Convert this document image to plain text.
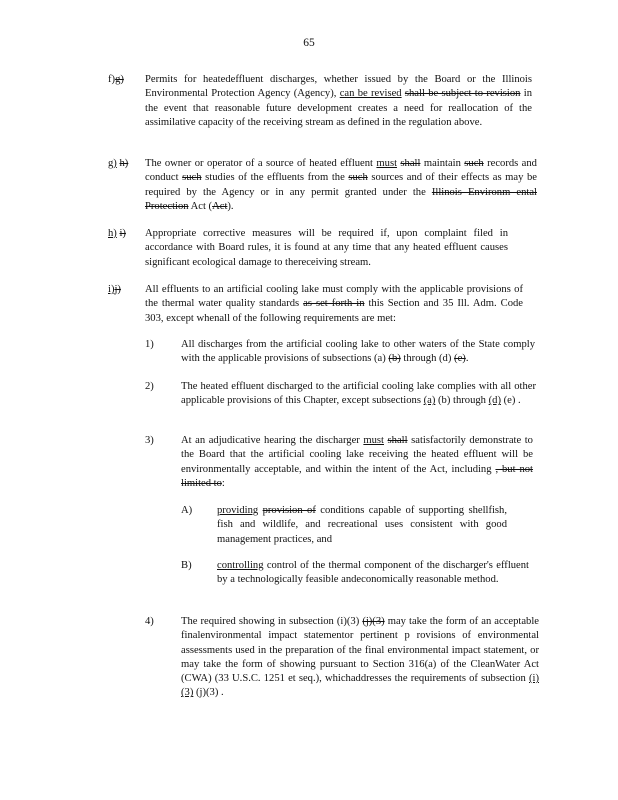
65
f)g) Permits for heatedeffluent discharges, whether issued by the Board or the Illinois Environmental Protection Agency (Agency), can be revised shall be subject to revision in the event that reasonable future development creates a need for reallocation of the assimilative capacity of the receiving stream as defined in the regulation above.

g) h) The owner or operator of a source of heated effluent must shall maintain such records and conduct such studies of the effluents from the such sources and of their effects as may be required by the Agency or in any permit granted under the Illinois Environm ental Protection Act (Act).

h) i) Appropriate corrective measures will be required if, upon complaint filed in accordance with Board rules, it is found at any time that any heated effluent causes significant ecological damage to thereceiving stream.

i)j) All effluents to an artificial cooling lake must comply with the applicable provisions of the thermal water quality standards as set forth in this Section and 35 Ill. Adm. Code 303, except whenall of the following requirements are met:

1)	All discharges from the artificial cooling lake to other waters of the State comply with the applicable provisions of subsections (a) (b) through (d) (e).

2)	The heated effluent discharged to the artificial cooling lake complies with all other applicable provisions of this Chapter, except subsections (a) (b) through (d) (e) .

3)	At an adjudicative hearing the discharger must shall satisfactorily demonstrate to the Board that the artificial cooling lake receiving the heated effluent will be environmentally acceptable, and within the intent of the Act, including , but not limited to:

A) providing provision of conditions capable of supporting shellfish, fish and wildlife, and recreational uses consistent with good management practices, and

B) controlling control of the thermal component of the discharger's effluent by a technologically feasible andeconomically reasonable method.

4)	The required showing in subsection (i)(3) (j)(3) may take the form of an acceptable finalenvironmental impact statementor pertinent p rovisions of environmental assessments used in the preparation of the final environmental impact statement, or may take the form of showing pursuant to Section 316(a) of the CleanWater Act (CWA) (33 U.S.C. 1251 et seq.), whichaddresses the requirements of subsection (i)(3) (j)(3) .
